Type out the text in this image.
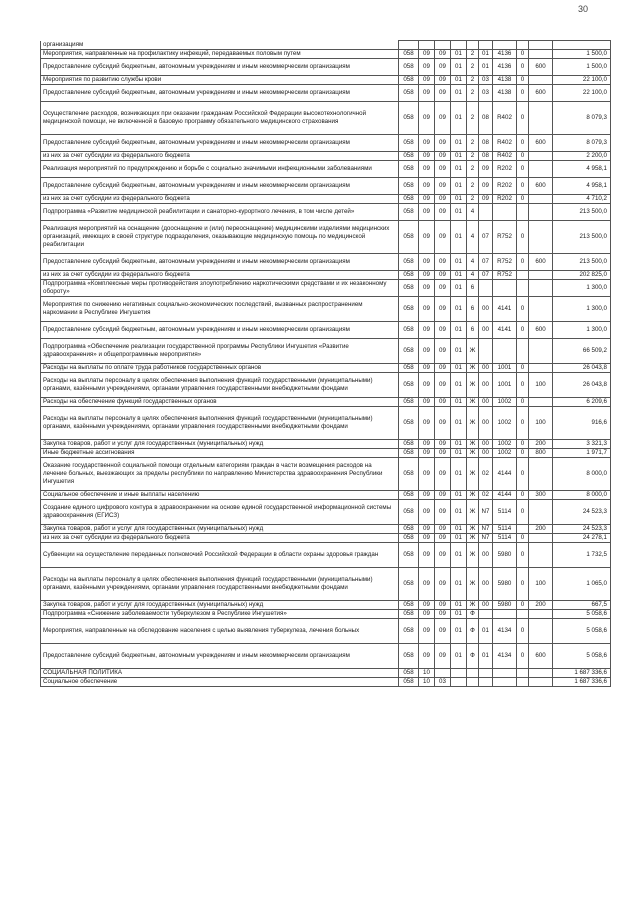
30
организациям										
Мероприятия, направленные на профилактику инфекций, передаваемых половым путем	058	09	09	01	2	01	4136	0		1 500,0
Предоставление субсидий бюджетным, автономным учреждениям и иным некоммерческим организациям	058	09	09	01	2	01	4136	0	600	1 500,0
Мероприятия по развитию службы крови	058	09	09	01	2	03	4138	0		22 100,0
Предоставление субсидий бюджетным, автономным учреждениям и иным некоммерческим организациям	058	09	09	01	2	03	4138	0	600	22 100,0
Осуществление расходов, возникающих при оказании гражданам Российской Федерации высокотехнологичной медицинской помощи, не включенной в базовую программу обязательного медицинского страхования	058	09	09	01	2	08	R402	0		8 079,3
Предоставление субсидий бюджетным, автономным учреждениям и иным некоммерческим организациям	058	09	09	01	2	08	R402	0	600	8 079,3
из них за счет субсидии из федерального бюджета	058	09	09	01	2	08	R402	0		2 200,0
Реализация мероприятий по предупреждению и борьбе с социально значимыми инфекционными заболеваниями	058	09	09	01	2	09	R202	0		4 958,1
Предоставление субсидий бюджетным, автономным учреждениям и иным некоммерческим организациям	058	09	09	01	2	09	R202	0	600	4 958,1
из них за счет субсидии из федерального бюджета	058	09	09	01	2	09	R202	0		4 710,2
Подпрограмма «Развитие медицинской реабилитации и санаторно-курортного лечения, в том числе детей»	058	09	09	01	4					213 500,0
Реализация мероприятий на оснащение (дооснащение и (или) переоснащение) медицинскими изделиями медицинских организаций, имеющих в своей структуре подразделения, оказывающие медицинскую помощь по медицинской реабилитации	058	09	09	01	4	07	R752	0		213 500,0
Предоставление субсидий бюджетным, автономным учреждениям и иным некоммерческим организациям	058	09	09	01	4	07	R752	0	600	213 500,0
из них за счет субсидии из федерального бюджета	058	09	09	01	4	07	R752			202 825,0
Подпрограмма «Комплексные меры противодействия злоупотреблению наркотическими средствами и их незаконному обороту»	058	09	09	01	6					1 300,0
Мероприятия по снижению негативных социально-экономических последствий, вызванных распространением наркомании в Республике Ингушетия	058	09	09	01	6	00	4141	0		1 300,0
Предоставление субсидий бюджетным, автономным учреждениям и иным некоммерческим организациям	058	09	09	01	6	00	4141	0	600	1 300,0
Подпрограмма «Обеспечение реализации государственной программы Республики Ингушетия «Развитие здравоохранения» и общепрограммные мероприятия»	058	09	09	01	Ж					66 509,2
Расходы на выплаты по оплате труда работников государственных органов	058	09	09	01	Ж	00	1001	0		26 043,8
Расходы на выплаты персоналу в целях обеспечения выполнения функций государственными (муниципальными) органами, казёнными учреждениями, органами управления государственными внебюджетными фондами	058	09	09	01	Ж	00	1001	0	100	26 043,8
Расходы на обеспечение функций государственных органов	058	09	09	01	Ж	00	1002	0		6 209,6
Расходы на выплаты персоналу в целях обеспечения выполнения функций государственными (муниципальными) органами, казёнными учреждениями, органами управления государственными внебюджетными фондами	058	09	09	01	Ж	00	1002	0	100	916,6
Закупка товаров, работ и услуг для государственных (муниципальных) нужд	058	09	09	01	Ж	00	1002	0	200	3 321,3
Иные бюджетные ассигнования	058	09	09	01	Ж	00	1002	0	800	1 971,7
Оказание государственной социальной помощи отдельным категориям граждан в части возмещения расходов на лечение больных, выезжающих за пределы республики по направлению Министерства здравоохранения Республики Ингушетия	058	09	09	01	Ж	02	4144	0		8 000,0
Социальное обеспечение и иные выплаты населению	058	09	09	01	Ж	02	4144	0	300	8 000,0
Создание единого цифрового контура в здравоохранении на основе единой государственной информационной системы здравоохранения (ЕГИСЗ)	058	09	09	01	Ж	N7	5114	0		24 523,3
Закупка товаров, работ и услуг для государственных (муниципальных) нужд	058	09	09	01	Ж	N7	5114		200	24 523,3
из них за счет субсидии из федерального бюджета	058	09	09	01	Ж	N7	5114	0		24 278,1
Субвенции на осуществление переданных полномочий Российской Федерации в области охраны здоровья граждан	058	09	09	01	Ж	00	5980	0		1 732,5
Расходы на выплаты персоналу в целях обеспечения выполнения функций государственными (муниципальными) органами, казёнными учреждениями, органами управления государственными внебюджетными фондами	058	09	09	01	Ж	00	5980	0	100	1 065,0
Закупка товаров, работ и услуг для государственных (муниципальных) нужд	058	09	09	01	Ж	00	5980	0	200	667,5
Подпрограмма «Снижение заболеваемости туберкулезом в Республике Ингушетия»	058	09	09	01	Ф					5 058,6
Мероприятия, направленные на обследование населения с целью выявления туберкулеза, лечения больных	058	09	09	01	Ф	01	4134	0		5 058,6
Предоставление субсидий бюджетным, автономным учреждениям и иным некоммерческим организациям	058	09	09	01	Ф	01	4134	0	600	5 058,6
СОЦИАЛЬНАЯ ПОЛИТИКА	058	10								1 687 336,6
Социальное обеспечение	058	10	03							1 687 336,6
